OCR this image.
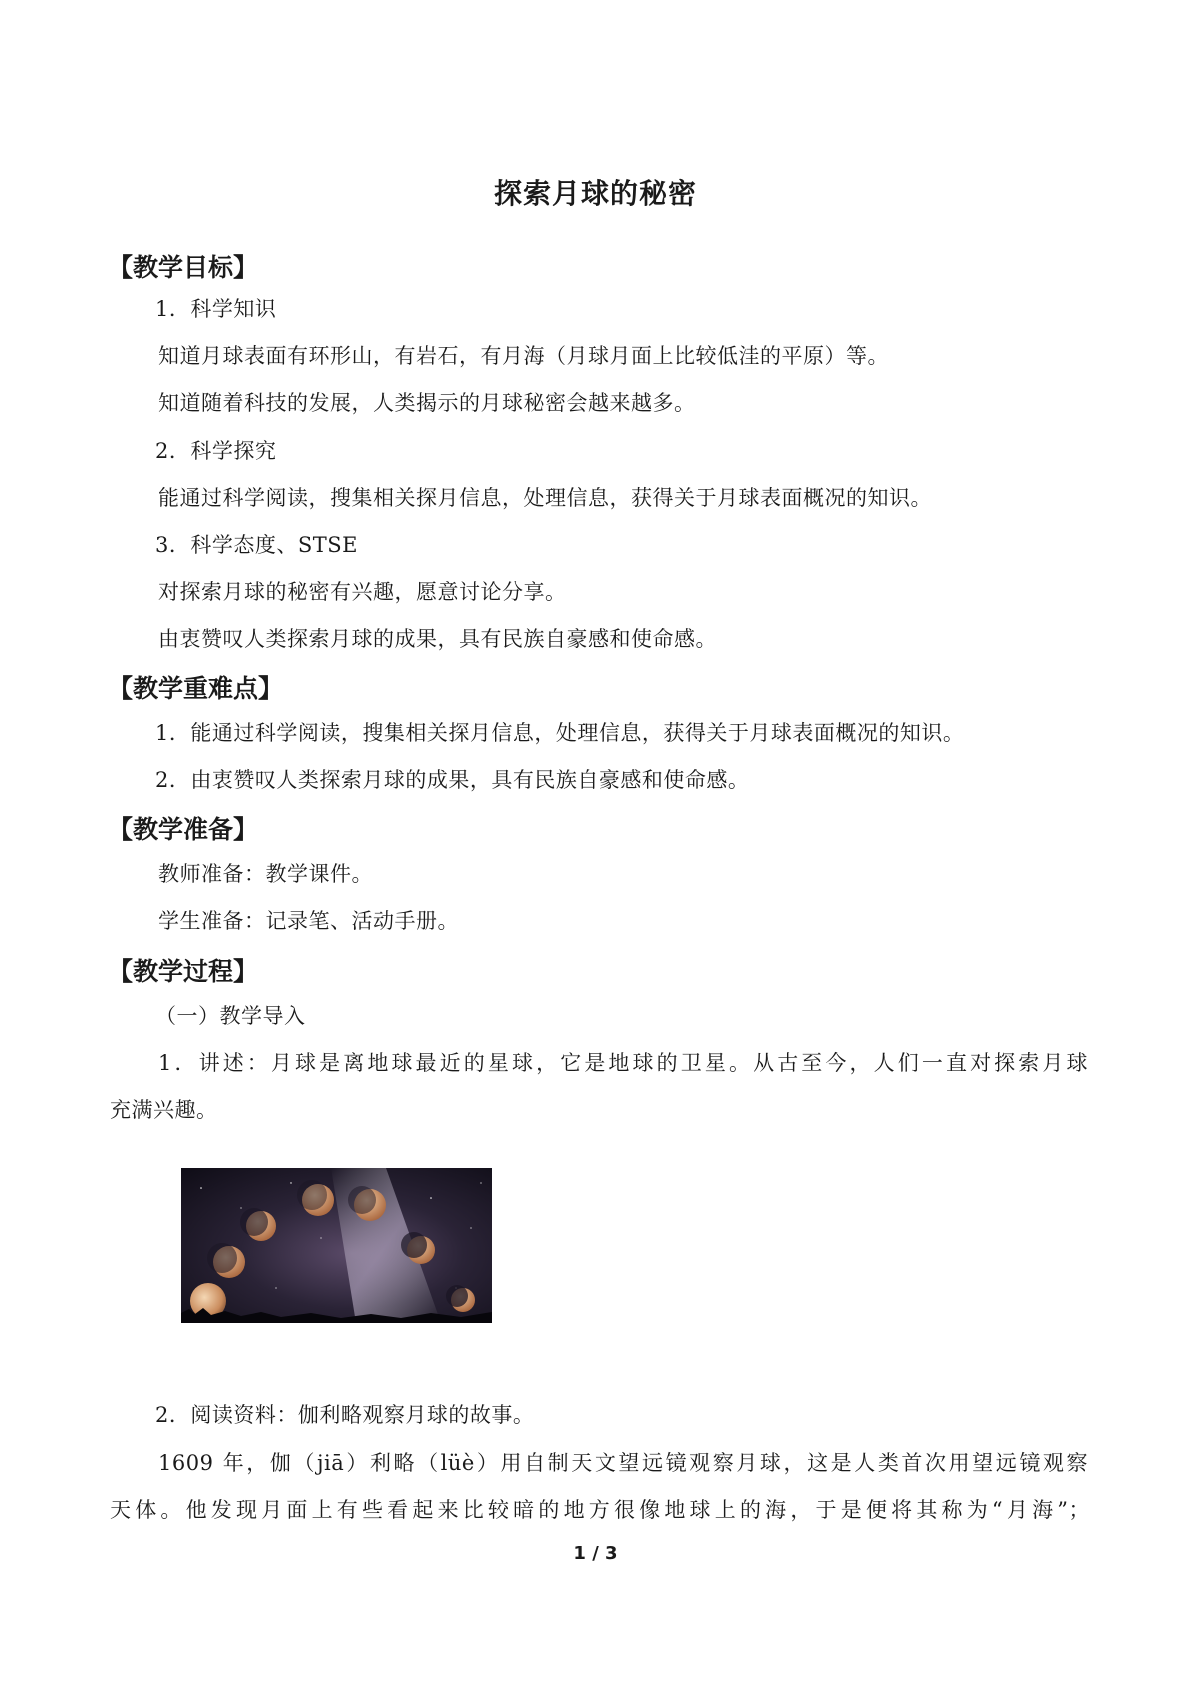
探索月球的秘密
【教学目标】
1．科学知识
知道月球表面有环形山，有岩石，有月海（月球月面上比较低洼的平原）等。
知道随着科技的发展，人类揭示的月球秘密会越来越多。
2．科学探究
能通过科学阅读，搜集相关探月信息，处理信息，获得关于月球表面概况的知识。
3．科学态度、STSE
对探索月球的秘密有兴趣，愿意讨论分享。
由衷赞叹人类探索月球的成果，具有民族自豪感和使命感。
【教学重难点】
1．能通过科学阅读，搜集相关探月信息，处理信息，获得关于月球表面概况的知识。
2．由衷赞叹人类探索月球的成果，具有民族自豪感和使命感。
【教学准备】
教师准备：教学课件。
学生准备：记录笔、活动手册。
【教学过程】
（一）教学导入
1．讲述：月球是离地球最近的星球，它是地球的卫星。从古至今，人们一直对探索月球
充满兴趣。
2．阅读资料：伽利略观察月球的故事。
1609 年，伽（jiā）利略（lüè）用自制天文望远镜观察月球，这是人类首次用望远镜观察
天体。他发现月面上有些看起来比较暗的地方很像地球上的海，于是便将其称为“月海”；
1 / 3
